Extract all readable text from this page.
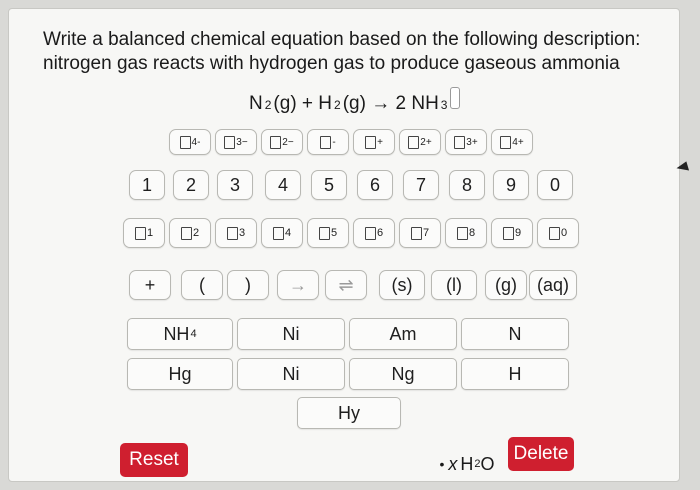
Write a balanced chemical equation based on the following description:
nitrogen gas reacts with hydrogen gas to produce gaseous ammonia
N 2 (g) + H 2 (g) → 2 NH 3
4-	3−	2−	-	+	2+	3+	4+
1	2	3	4	5	6	7	8	9	0
1	2	3	4	5	6	7	8	9	0
+	(	)	→	⇌	(s)	(l)	(g)	(aq)
NH 4	Ni	Am	N
Hg	Ni	Ng	H
Hy
• x H 2 O
Reset	Delete
